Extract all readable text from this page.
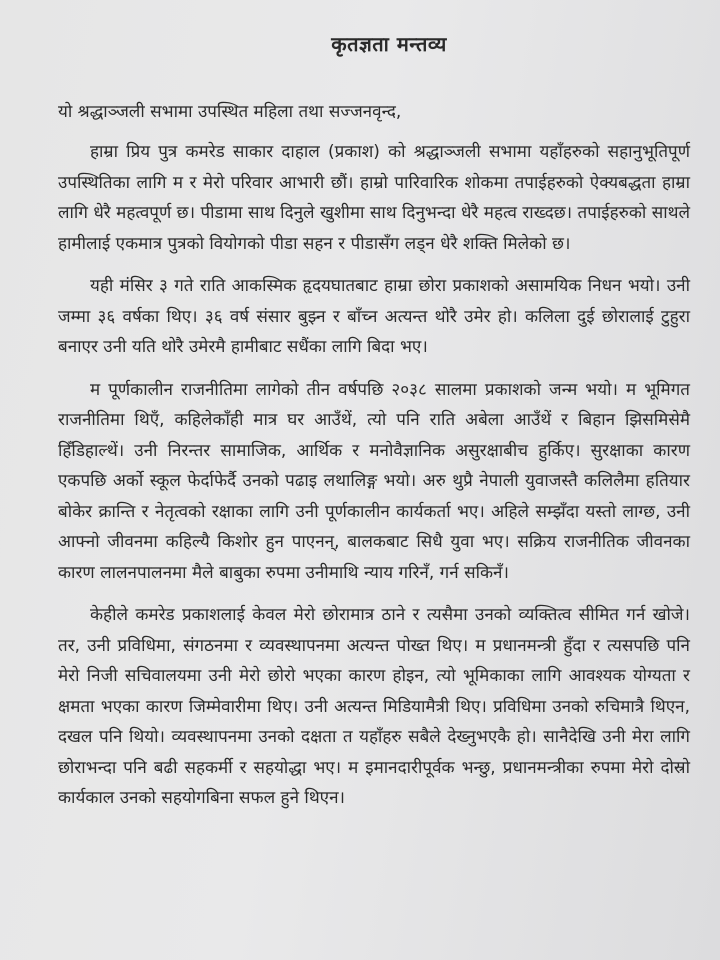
कृतज्ञता मन्तव्य
यो श्रद्धाञ्जली सभामा उपस्थित महिला तथा सज्जनवृन्द,

हाम्रा प्रिय पुत्र कमरेड साकार दाहाल (प्रकाश) को श्रद्धाञ्जली सभामा यहाँहरुको सहानुभूतिपूर्ण उपस्थितिका लागि म र मेरो परिवार आभारी छौं। हाम्रो पारिवारिक शोकमा तपाईहरुको ऐक्यबद्धता हाम्रा लागि धेरै महत्वपूर्ण छ। पीडामा साथ दिनुले खुशीमा साथ दिनुभन्दा धेरै महत्व राख्दछ। तपाईहरुको साथले हामीलाई एकमात्र पुत्रको वियोगको पीडा सहन र पीडासँग लड्न धेरै शक्ति मिलेको छ।

यही मंसिर ३ गते राति आकस्मिक हृदयघातबाट हाम्रा छोरा प्रकाशको असामयिक निधन भयो। उनी जम्मा ३६ वर्षका थिए। ३६ वर्ष संसार बुझ्न र बाँच्न अत्यन्त थोरै उमेर हो। कलिला दुई छोरालाई टुहुरा बनाएर उनी यति थोरै उमेरमै हामीबाट सधैंका लागि बिदा भए।

म पूर्णकालीन राजनीतिमा लागेको तीन वर्षपछि २०३८ सालमा प्रकाशको जन्म भयो। म भूमिगत राजनीतिमा थिएँ, कहिलेकाँही मात्र घर आउँथें, त्यो पनि राति अबेला आउँथें र बिहान झिसमिसेमै हिँडिहाल्थें। उनी निरन्तर सामाजिक, आर्थिक र मनोवैज्ञानिक असुरक्षाबीच हुर्किए। सुरक्षाका कारण एकपछि अर्को स्कूल फेर्दाफेर्दै उनको पढाइ लथालिङ्ग भयो। अरु थुप्रै नेपाली युवाजस्तै कलिलैमा हतियार बोकेर क्रान्ति र नेतृत्वको रक्षाका लागि उनी पूर्णकालीन कार्यकर्ता भए। अहिले सम्झँदा यस्तो लाग्छ, उनी आफ्नो जीवनमा कहिल्यै किशोर हुन पाएनन्, बालकबाट सिधै युवा भए। सक्रिय राजनीतिक जीवनका कारण लालनपालनमा मैले बाबुका रुपमा उनीमाथि न्याय गरिनँ, गर्न सकिनँ।

केहीले कमरेड प्रकाशलाई केवल मेरो छोरामात्र ठाने र त्यसैमा उनको व्यक्तित्व सीमित गर्न खोजे। तर, उनी प्रविधिमा, संगठनमा र व्यवस्थापनमा अत्यन्त पोख्त थिए। म प्रधानमन्त्री हुँदा र त्यसपछि पनि मेरो निजी सचिवालयमा उनी मेरो छोरो भएका कारण होइन, त्यो भूमिकाका लागि आवश्यक योग्यता र क्षमता भएका कारण जिम्मेवारीमा थिए। उनी अत्यन्त मिडियामैत्री थिए। प्रविधिमा उनको रुचिमात्रै थिएन, दखल पनि थियो। व्यवस्थापनमा उनको दक्षता त यहाँहरु सबैले देख्नुभएकै हो। सानैदेखि उनी मेरा लागि छोराभन्दा पनि बढी सहकर्मी र सहयोद्धा भए। म इमानदारीपूर्वक भन्छु, प्रधानमन्त्रीका रुपमा मेरो दोस्रो कार्यकाल उनको सहयोगबिना सफल हुने थिएन।
